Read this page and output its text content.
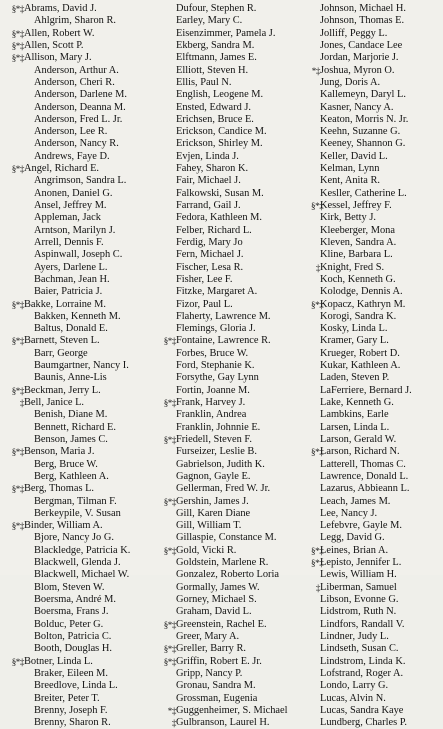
§*‡ Abrams, David J.
Ahlgrim, Sharon R.
§*‡ Allen, Robert W.
§*‡ Allen, Scott P.
§*‡ Allison, Mary J.
Anderson, Arthur A.
Anderson, Cheri R.
Anderson, Darlene M.
Anderson, Deanna M.
Anderson, Fred L. Jr.
Anderson, Lee R.
Anderson, Nancy R.
Andrews, Faye D.
§*‡ Angel, Richard E.
Angrimson, Sandra L.
Anonen, Daniel G.
Ansel, Jeffrey M.
Appleman, Jack
Arntson, Marilyn J.
Arrell, Dennis F.
Aspinwall, Joseph C.
Ayers, Darlene L.
Bachman, Jean H.
Baier, Patricia J.
§*‡ Bakke, Lorraine M.
Bakken, Kenneth M.
Baltus, Donald E.
§*‡ Barnett, Steven L.
Barr, George
Baumgartner, Nancy I.
Baunis, Anne-Lis
§*‡ Beckman, Jerry L.
‡ Bell, Janice L.
Benish, Diane M.
Bennett, Richard E.
Benson, James C.
§*‡ Benson, Maria J.
Berg, Bruce W.
Berg, Kathleen A.
§*‡ Berg, Thomas L.
Bergman, Tilman F.
Berkeypile, V. Susan
§*‡ Binder, William A.
Bjore, Nancy Jo G.
Blackledge, Patricia K.
Blackwell, Glenda J.
Blackwell, Michael W.
Blom, Steven W.
Boersma, André M.
Boersma, Frans J.
Bolduc, Peter G.
Bolton, Patricia C.
Booth, Douglas H.
§*‡ Botner, Linda L.
Braker, Eileen M.
Breedlove, Linda L.
Breiter, Peter T.
Brenny, Joseph F.
Brenny, Sharon R.
Dufour, Stephen R.
Earley, Mary C.
Eisenzimmer, Pamela J.
Ekberg, Sandra M.
Elftmann, James E.
Elliott, Steven H.
Ellis, Paul N.
English, Leogene M.
Ensted, Edward J.
Erichsen, Bruce E.
Erickson, Candice M.
Erickson, Shirley M.
Evjen, Linda J.
Fahey, Sharon K.
Fair, Michael J.
Falkowski, Susan M.
Farrand, Gail J.
Fedora, Kathleen M.
Felber, Richard L.
Ferdig, Mary Jo
Fern, Michael J.
Fischer, Lesa R.
Fisher, Lee F.
Fitzke, Margaret A.
Fizor, Paul L.
Flaherty, Lawrence M.
Flemings, Gloria J.
§*‡ Fontaine, Lawrence R.
Forbes, Bruce W.
Ford, Stephanie K.
Forsythe, Gay Lynn
Fortin, Joanne M.
§*‡ Frank, Harvey J.
Franklin, Andrea
Franklin, Johnnie E.
§*‡ Friedell, Steven F.
Furseizer, Leslie B.
Gabrielson, Judith K.
Gagnon, Gayle E.
Gellerman, Fred W. Jr.
§*‡ Gershin, James J.
Gill, Karen Diane
Gill, William T.
Gillaspie, Constance M.
§*‡ Gold, Vicki R.
Goldstein, Marlene R.
Gonzalez, Roberto Loria
Gormally, James W.
Gorney, Michael S.
Graham, David L.
§*‡ Greenstein, Rachel E.
Greer, Mary A.
§*‡ Greller, Barry R.
§*‡ Griffin, Robert E. Jr.
Gripp, Nancy P.
Gronau, Sandra M.
Grossman, Eugenia
*‡ Guggenheimer, S. Michael
‡ Gulbranson, Laurel H.
Johnson, Michael H.
Johnson, Thomas E.
Jolliff, Peggy L.
Jones, Candace Lee
Jordan, Marjorie J.
*‡ Joshua, Myron O.
Jung, Doris A.
Kallemeyn, Daryl L.
Kasner, Nancy A.
Keaton, Morris N. Jr.
Keehn, Suzanne G.
Keeney, Shannon G.
Keller, David L.
Kelman, Lynn
Kent, Anita R.
Kesller, Catherine L.
§*‡
Kessel, Jeffrey F.
Kirk, Betty J.
Kleeberger, Mona
Kleven, Sandra A.
Kline, Barbara L.
‡ Knight, Fred S.
Koch, Kenneth G.
Kolodge, Dennis A.
§*‡
Kopacz, Kathryn M.
Korogi, Sandra K.
Kosky, Linda L.
Kramer, Gary L.
Krueger, Robert D.
Kukar, Kathleen A.
Laden, Steven P.
LaFerriere, Bernard J.
Lake, Kenneth G.
Lambkins, Earle
Larsen, Linda L.
Larson, Gerald W.
§*‡
Larson, Richard N.
Latterell, Thomas C.
Lawrence, Donald L.
Lazarus, Abbieann L.
Leach, James M.
Lee, Nancy J.
Lefebvre, Gayle M.
Legg, David G.
§*‡
Leines, Brian A.
§*‡
Lepisto, Jennifer L.
Lewis, William H.
‡ Liberman, Samuel
Libson, Evonne G.
Lidstrom, Ruth N.
Lindfors, Randall V.
Lindner, Judy L.
Lindseth, Susan C.
Lindstrom, Linda K.
Lofstrand, Roger A.
Londo, Larry G.
Lucas, Alvin N.
Lucas, Sandra Kaye
Lundberg, Charles P.
